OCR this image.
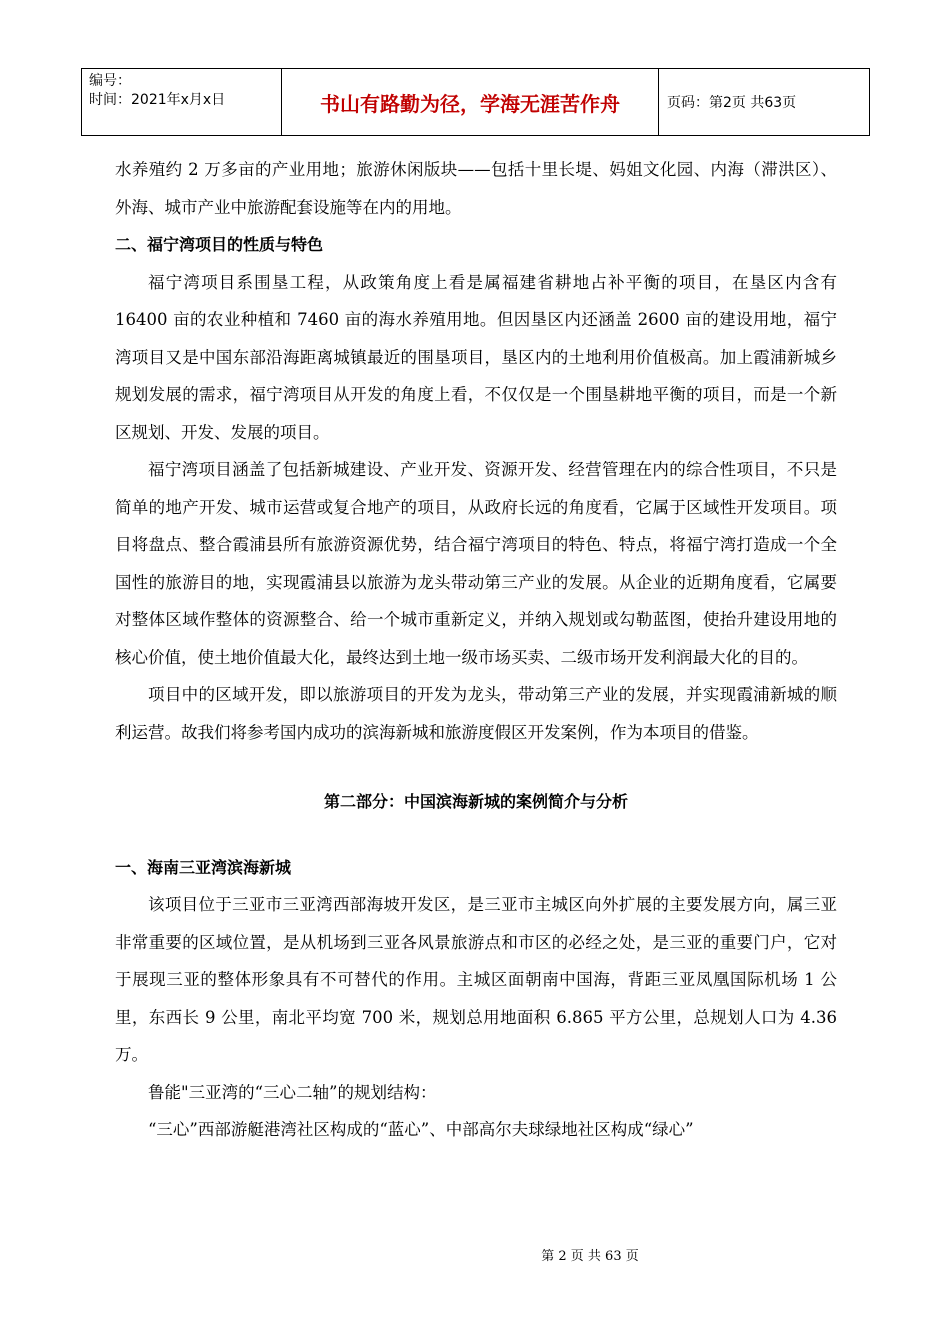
编号：
时间：2021年x月x日	书山有路勤为径，学海无涯苦作舟	页码：第2页 共63页

水养殖约 2 万多亩的产业用地；旅游休闲版块——包括十里长堤、妈姐文化园、内海（滞洪区）、外海、城市产业中旅游配套设施等在内的用地。

二、福宁湾项目的性质与特色

福宁湾项目系围垦工程，从政策角度上看是属福建省耕地占补平衡的项目，在垦区内含有 16400 亩的农业种植和 7460 亩的海水养殖用地。但因垦区内还涵盖 2600 亩的建设用地，福宁湾项目又是中国东部沿海距离城镇最近的围垦项目，垦区内的土地利用价值极高。加上霞浦新城乡规划发展的需求，福宁湾项目从开发的角度上看，不仅仅是一个围垦耕地平衡的项目，而是一个新区规划、开发、发展的项目。

福宁湾项目涵盖了包括新城建设、产业开发、资源开发、经营管理在内的综合性项目，不只是简单的地产开发、城市运营或复合地产的项目，从政府长远的角度看，它属于区域性开发项目。项目将盘点、整合霞浦县所有旅游资源优势，结合福宁湾项目的特色、特点，将福宁湾打造成一个全国性的旅游目的地，实现霞浦县以旅游为龙头带动第三产业的发展。从企业的近期角度看，它属要对整体区域作整体的资源整合、给一个城市重新定义，并纳入规划或勾勒蓝图，使抬升建设用地的核心价值，使土地价值最大化，最终达到土地一级市场买卖、二级市场开发利润最大化的目的。

项目中的区域开发，即以旅游项目的开发为龙头，带动第三产业的发展，并实现霞浦新城的顺利运营。故我们将参考国内成功的滨海新城和旅游度假区开发案例，作为本项目的借鉴。

第二部分：中国滨海新城的案例简介与分析

一、海南三亚湾滨海新城

该项目位于三亚市三亚湾西部海坡开发区，是三亚市主城区向外扩展的主要发展方向，属三亚非常重要的区域位置，是从机场到三亚各风景旅游点和市区的必经之处，是三亚的重要门户，它对于展现三亚的整体形象具有不可替代的作用。主城区面朝南中国海，背距三亚凤凰国际机场 1 公里，东西长 9 公里，南北平均宽 700 米，规划总用地面积 6.865 平方公里，总规划人口为 4.36 万。

鲁能"三亚湾的“三心二轴”的规划结构：

“三心”西部游艇港湾社区构成的“蓝心”、中部高尔夫球绿地社区构成“绿心”

第 2 页 共 63 页
